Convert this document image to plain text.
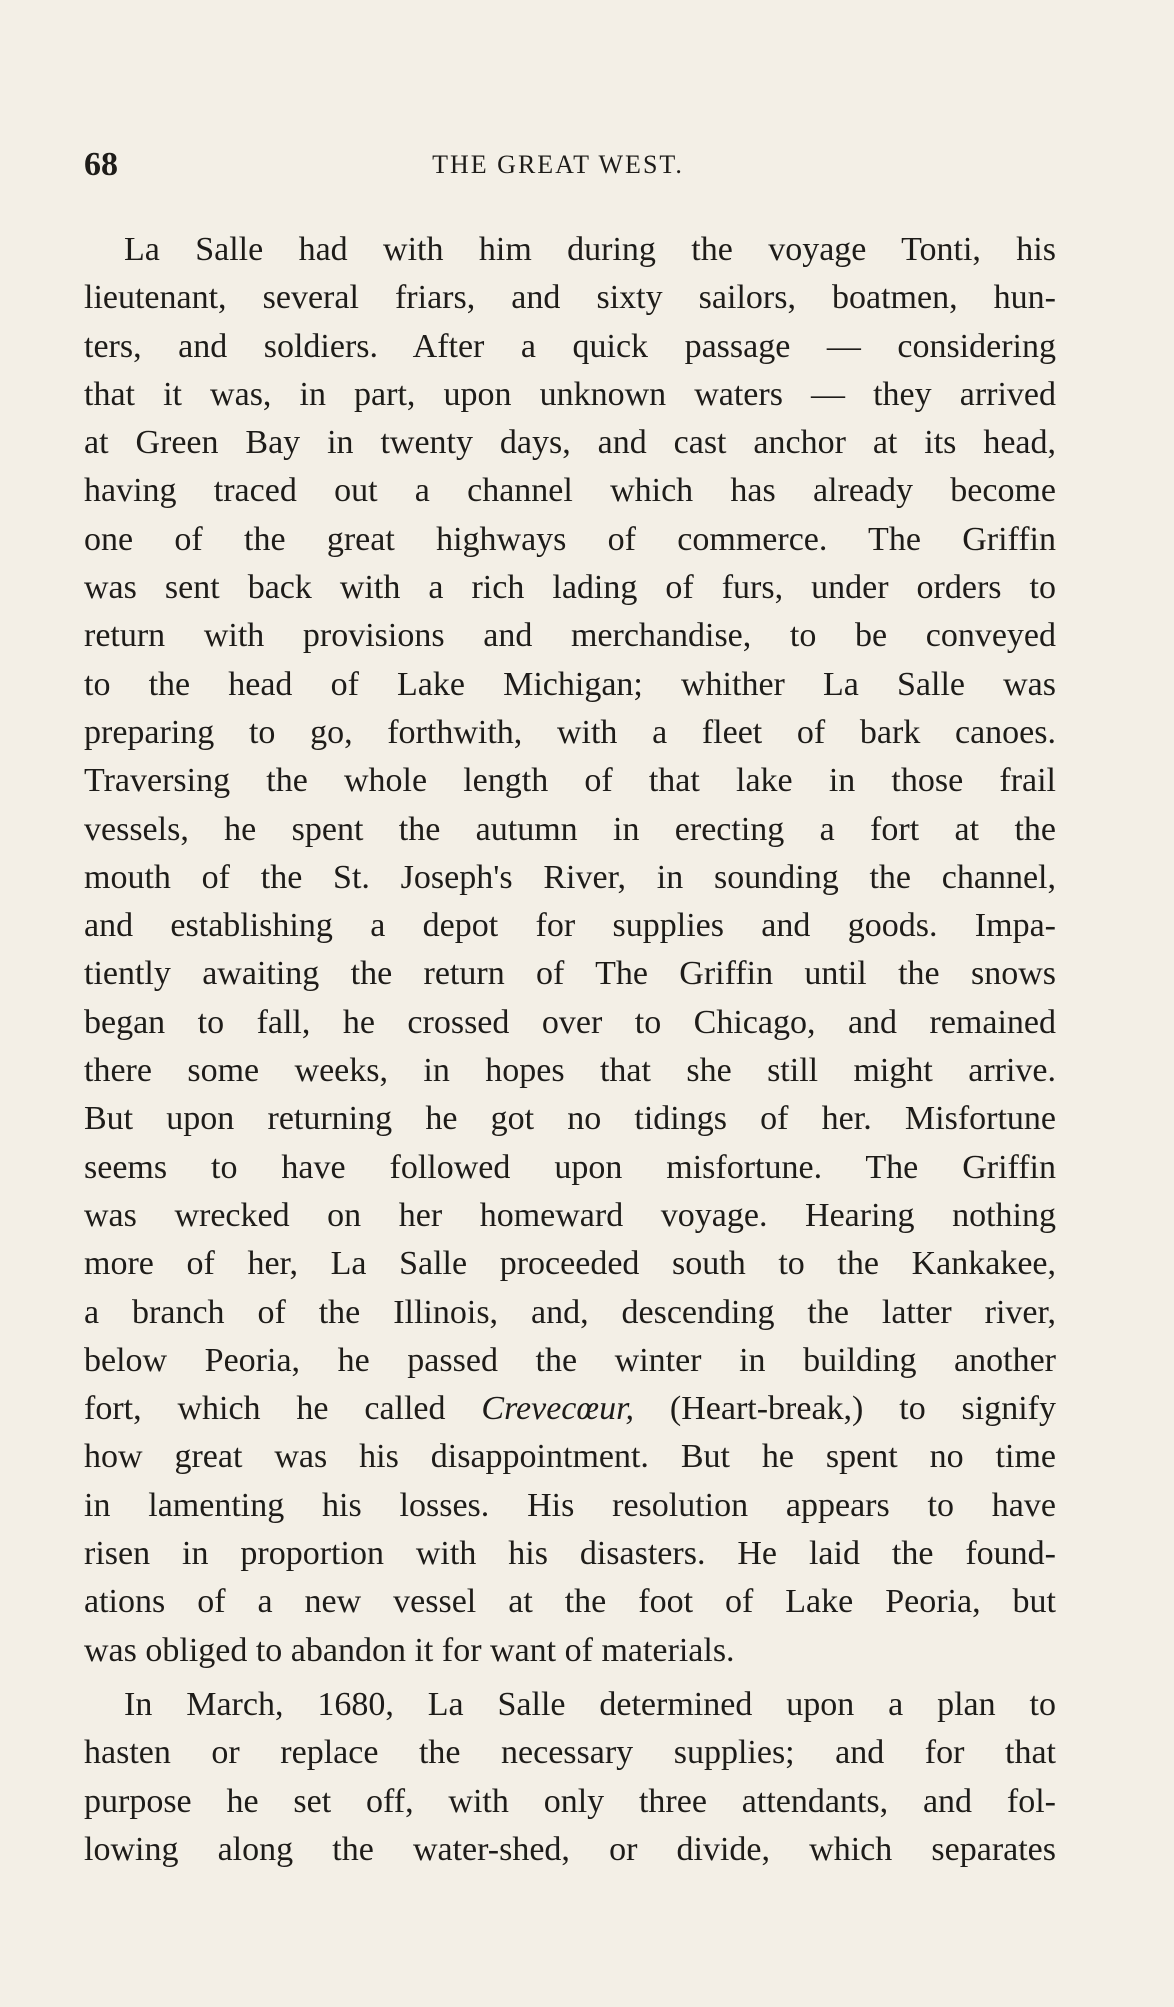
68	THE GREAT WEST.
La Salle had with him during the voyage Tonti, his
lieutenant, several friars, and sixty sailors, boatmen, hun-
ters, and soldiers. After a quick passage — considering
that it was, in part, upon unknown waters — they arrived
at Green Bay in twenty days, and cast anchor at its head,
having traced out a channel which has already become
one of the great highways of commerce. The Griffin
was sent back with a rich lading of furs, under orders to
return with provisions and merchandise, to be conveyed
to the head of Lake Michigan; whither La Salle was
preparing to go, forthwith, with a fleet of bark canoes.
Traversing the whole length of that lake in those frail
vessels, he spent the autumn in erecting a fort at the
mouth of the St. Joseph's River, in sounding the channel,
and establishing a depot for supplies and goods. Impa-
tiently awaiting the return of The Griffin until the snows
began to fall, he crossed over to Chicago, and remained
there some weeks, in hopes that she still might arrive.
But upon returning he got no tidings of her. Misfortune
seems to have followed upon misfortune. The Griffin
was wrecked on her homeward voyage. Hearing nothing
more of her, La Salle proceeded south to the Kankakee,
a branch of the Illinois, and, descending the latter river,
below Peoria, he passed the winter in building another
fort, which he called Crevecœur, (Heart-break,) to signify
how great was his disappointment. But he spent no time
in lamenting his losses. His resolution appears to have
risen in proportion with his disasters. He laid the found-
ations of a new vessel at the foot of Lake Peoria, but
was obliged to abandon it for want of materials.
In March, 1680, La Salle determined upon a plan to
hasten or replace the necessary supplies; and for that
purpose he set off, with only three attendants, and fol-
lowing along the water-shed, or divide, which separates
